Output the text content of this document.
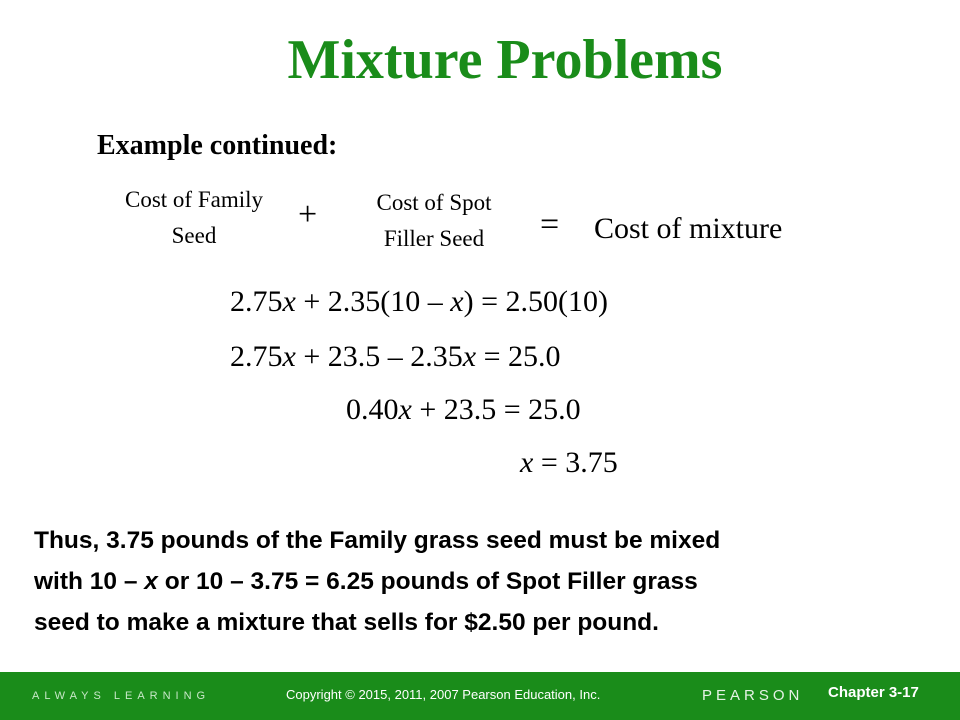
Mixture Problems
Example continued:
Cost of Family
Seed
+	Cost of Spot
Filler Seed	= Cost of mixture
2.75x + 2.35(10 – x) = 2.50(10)
2.75x + 23.5 – 2.35x = 25.0
0.40x + 23.5 = 25.0
x = 3.75
Thus, 3.75 pounds of the Family grass seed must be mixed
with 10 – x or 10 – 3.75 = 6.25 pounds of Spot Filler grass
seed to make a mixture that sells for $2.50 per pound.
ALWAYS LEARNING	Copyright © 2015, 2011, 2007 Pearson Education, Inc.	PEARSON Chapter 3-17
